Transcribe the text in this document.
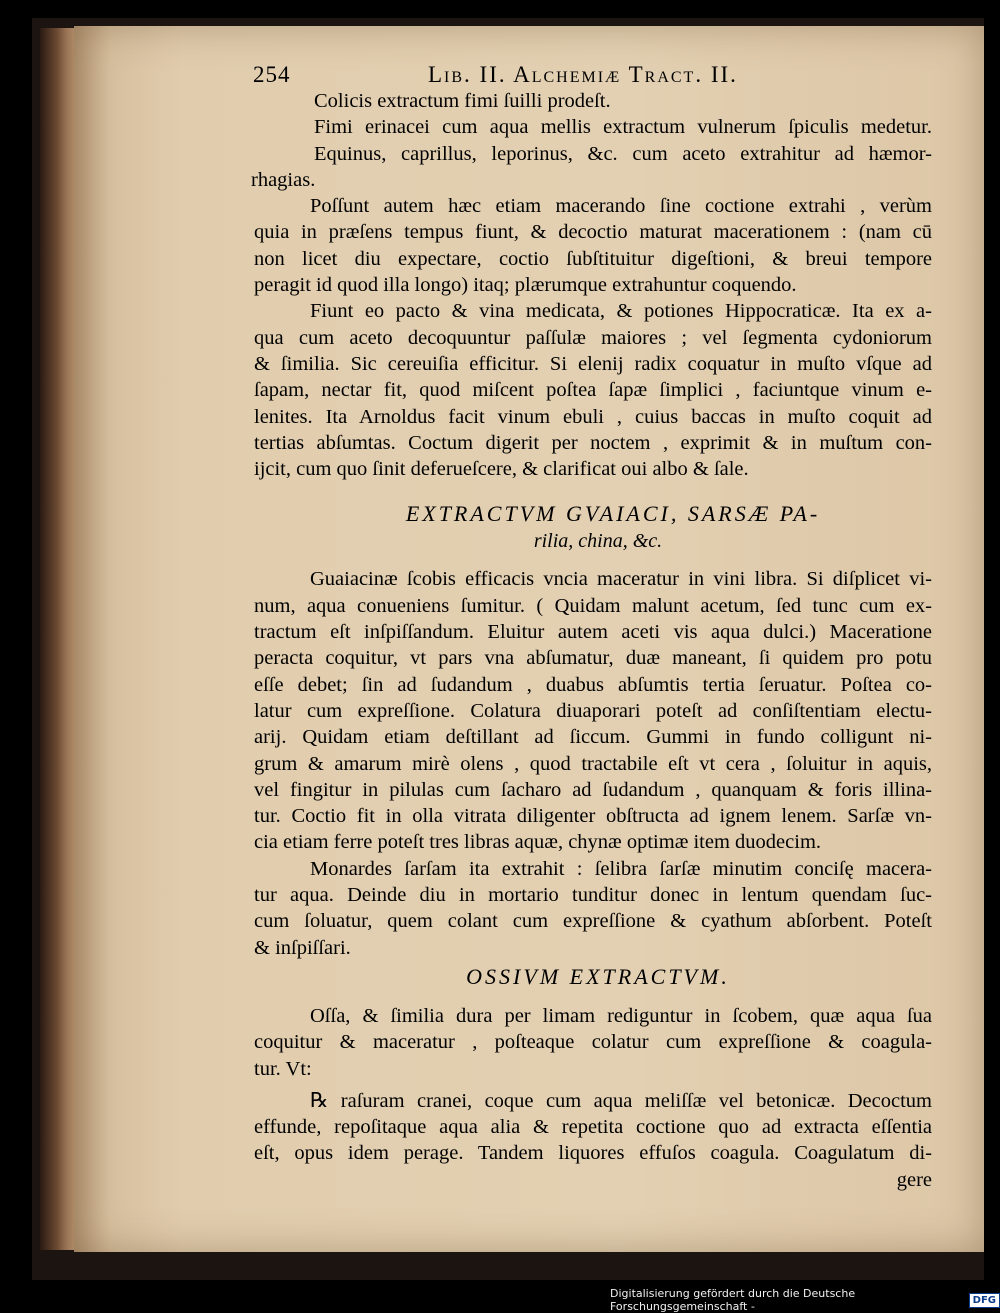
254	Lib. II. Alchemiæ Tract. II.
Colicis extractum fimi ſuilli prodeſt.
Fimi erinacei cum aqua mellis extractum vulnerum ſpiculis medetur.
Equinus, caprillus, leporinus, &c. cum aceto extrahitur ad hæmor-
rhagias.
Poſſunt autem hæc etiam macerando ſine coctione extrahi , verùm
quia in præſens tempus fiunt, & decoctio maturat macerationem : (nam cū
non licet diu expectare, coctio ſubſtituitur digeſtioni, & breui tempore
peragit id quod illa longo) itaq; plærumque extrahuntur coquendo.
Fiunt eo pacto & vina medicata, & potiones Hippocraticæ. Ita ex a-
qua cum aceto decoquuntur paſſulæ maiores ; vel ſegmenta cydoniorum
& ſimilia. Sic cereuiſia efficitur. Si elenij radix coquatur in muſto vſque ad
ſapam, nectar fit, quod miſcent poſtea ſapæ ſimplici , faciuntque vinum e-
lenites. Ita Arnoldus facit vinum ebuli , cuius baccas in muſto coquit ad
tertias abſumtas. Coctum digerit per noctem , exprimit & in muſtum con-
ijcit, cum quo ſinit deferueſcere, & clarificat oui albo & ſale.
EXTRACTVM GVAIACI, SARSÆ PA-
rilia, china, &c.
Guaiacinæ ſcobis efficacis vncia maceratur in vini libra. Si diſplicet vi-
num, aqua conueniens ſumitur. ( Quidam malunt acetum, ſed tunc cum ex-
tractum eſt inſpiſſandum. Eluitur autem aceti vis aqua dulci.) Maceratione
peracta coquitur, vt pars vna abſumatur, duæ maneant, ſi quidem pro potu
eſſe debet; ſin ad ſudandum , duabus abſumtis tertia ſeruatur. Poſtea co-
latur cum expreſſione. Colatura diuaporari poteſt ad conſiſtentiam electu-
arij. Quidam etiam deſtillant ad ſiccum. Gummi in fundo colligunt ni-
grum & amarum mirè olens , quod tractabile eſt vt cera , ſoluitur in aquis,
vel fingitur in pilulas cum ſacharo ad ſudandum , quanquam & foris illina-
tur. Coctio fit in olla vitrata diligenter obſtructa ad ignem lenem. Sarſæ vn-
cia etiam ferre poteſt tres libras aquæ, chynæ optimæ item duodecim.
Monardes ſarſam ita extrahit : ſelibra ſarſæ minutim conciſę macera-
tur aqua. Deinde diu in mortario tunditur donec in lentum quendam ſuc-
cum ſoluatur, quem colant cum expreſſione & cyathum abſorbent. Poteſt
& inſpiſſari.
OSSIVM EXTRACTVM.
Oſſa, & ſimilia dura per limam rediguntur in ſcobem, quæ aqua ſua
coquitur & maceratur , poſteaque colatur cum expreſſione & coagula-
tur. Vt:
℞ raſuram cranei, coque cum aqua meliſſæ vel betonicæ. Decoctum
effunde, repoſitaque aqua alia & repetita coctione quo ad extracta eſſentia
eſt, opus idem perage. Tandem liquores effuſos coagula. Coagulatum di-
gere
Digitalisierung gefördert durch die Deutsche Forschungsgemeinschaft -	DFG
